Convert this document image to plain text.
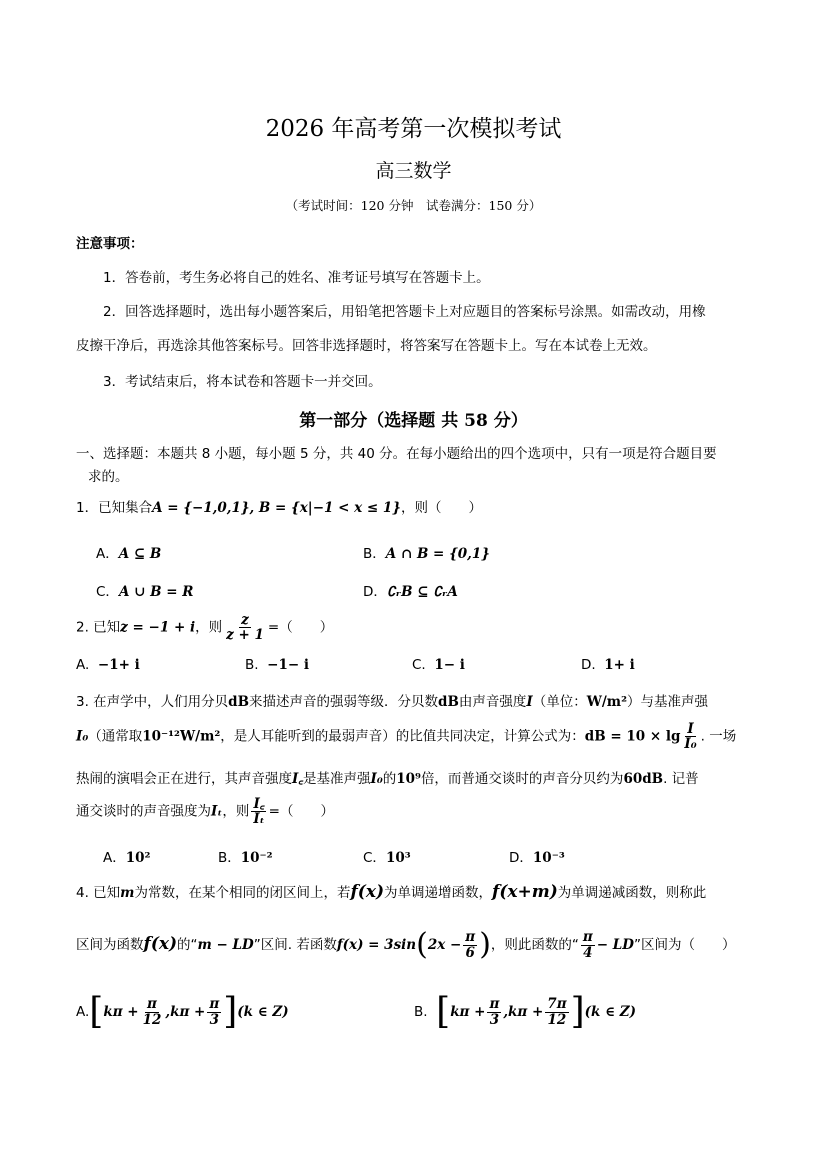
2026 年高考第一次模拟考试
高三数学
（考试时间：120 分钟　试卷满分：150 分）
注意事项：
1．答卷前，考生务必将自己的姓名、准考证号填写在答题卡上。
2．回答选择题时，选出每小题答案后，用铅笔把答题卡上对应题目的答案标号涂黑。如需改动，用橡
皮擦干净后，再选涂其他答案标号。回答非选择题时，将答案写在答题卡上。写在本试卷上无效。
3．考试结束后，将本试卷和答题卡一并交回。
第一部分（选择题 共 58 分）
一、选择题：本题共 8 小题，每小题 5 分，共 40 分。在每小题给出的四个选项中，只有一项是符合题目要
求的。
1．已知集合A = {−1,0,1}, B = {x|−1 < x ≤ 1}，则（　　）
A．A ⊆ B	B．A ∩ B = {0,1}
C．A ∪ B = R	D．∁ᵣB ⊆ ∁ᵣA
2. 已知z = −1 + i，则 $\frac{z}{z + 1}$ =（　　）
A. −1+ i	B. −1− i	C. 1− i	D. 1+ i
3. 在声学中，人们用分贝dB来描述声音的强弱等级．分贝数dB由声音强度I（单位：W/m²）与基准声强
I₀（通常取10⁻¹²W/m²，是人耳能听到的最弱声音）的比值共同决定，计算公式为：dB = $10 \times \lg \frac{I}{\text{I₀}}$ . 一场
热闹的演唱会正在进行，其声音强度I꜀是基准声强I₀的10⁹倍，而普通交谈时的声音分贝约为60dB. 记普
通交谈时的声音强度为Iₜ，则 $\frac{I꜀}{\text{Iₜ}}$ =（　　）
A．10²	B．10⁻²	C．10³	D．10⁻³
4. 已知m为常数，在某个相同的闭区间上，若f(x)为单调递增函数，f(x+m)为单调递减函数，则称此
区间为函数f(x)的“m − LD”区间. 若函数$f(x) = 3\sin(2x - \frac{\pi}{6}$ )，则此函数的“ $\frac{\pi}{4}$ − LD”区间为（　　）
$A.[k\pi + \frac{\pi}{12} ,k\pi + \frac{\pi}{3} ](k$ ∈ Z)	B. $[k\pi + \frac{\pi}{3} ,k\pi + \frac{7\pi}{12} ](k$ ∈ Z)
